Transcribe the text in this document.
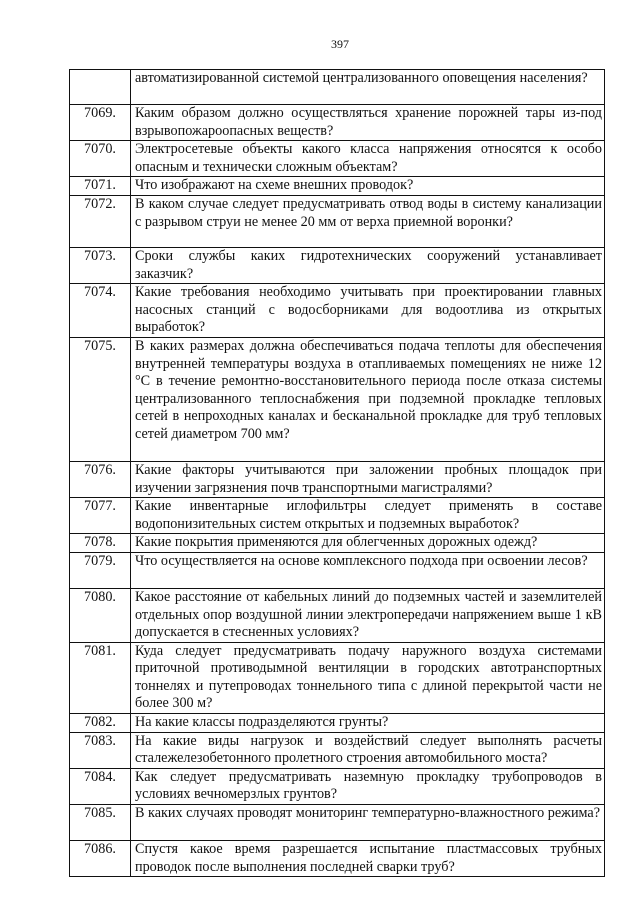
397
	автоматизированной системой централизованного оповещения населения?
7069.	Каким образом должно осуществляться хранение порожней тары из-под взрывопожароопасных веществ?
7070.	Электросетевые объекты какого класса напряжения относятся к особо опасным и технически сложным объектам?
7071.	Что изображают на схеме внешних проводок?
7072.	В каком случае следует предусматривать отвод воды в систему канализации с разрывом струи не менее 20 мм от верха приемной воронки?
7073.	Сроки службы каких гидротехнических сооружений устанавливает заказчик?
7074.	Какие требования необходимо учитывать при проектировании главных насосных станций с водосборниками для водоотлива из открытых выработок?
7075.	В каких размерах должна обеспечиваться подача теплоты для обеспечения внутренней температуры воздуха в отапливаемых помещениях не ниже 12 °С в течение ремонтно-восстановительного периода после отказа системы централизованного теплоснабжения при подземной прокладке тепловых сетей в непроходных каналах и бесканальной прокладке для труб тепловых сетей диаметром 700 мм?
7076.	Какие факторы учитываются при заложении пробных площадок при изучении загрязнения почв транспортными магистралями?
7077.	Какие инвентарные иглофильтры следует применять в составе водопонизительных систем открытых и подземных выработок?
7078.	Какие покрытия применяются для облегченных дорожных одежд?
7079.	Что осуществляется на основе комплексного подхода при освоении лесов?
7080.	Какое расстояние от кабельных линий до подземных частей и заземлителей отдельных опор воздушной линии электропередачи напряжением выше 1 кВ допускается в стесненных условиях?
7081.	Куда следует предусматривать подачу наружного воздуха системами приточной противодымной вентиляции в городских автотранспортных тоннелях и путепроводах тоннельного типа с длиной перекрытой части не более 300 м?
7082.	На какие классы подразделяются грунты?
7083.	На какие виды нагрузок и воздействий следует выполнять расчеты сталежелезобетонного пролетного строения автомобильного моста?
7084.	Как следует предусматривать наземную прокладку трубопроводов в условиях вечномерзлых грунтов?
7085.	В каких случаях проводят мониторинг температурно-влажностного режима?
7086.	Спустя какое время разрешается испытание пластмассовых трубных проводок после выполнения последней сварки труб?
